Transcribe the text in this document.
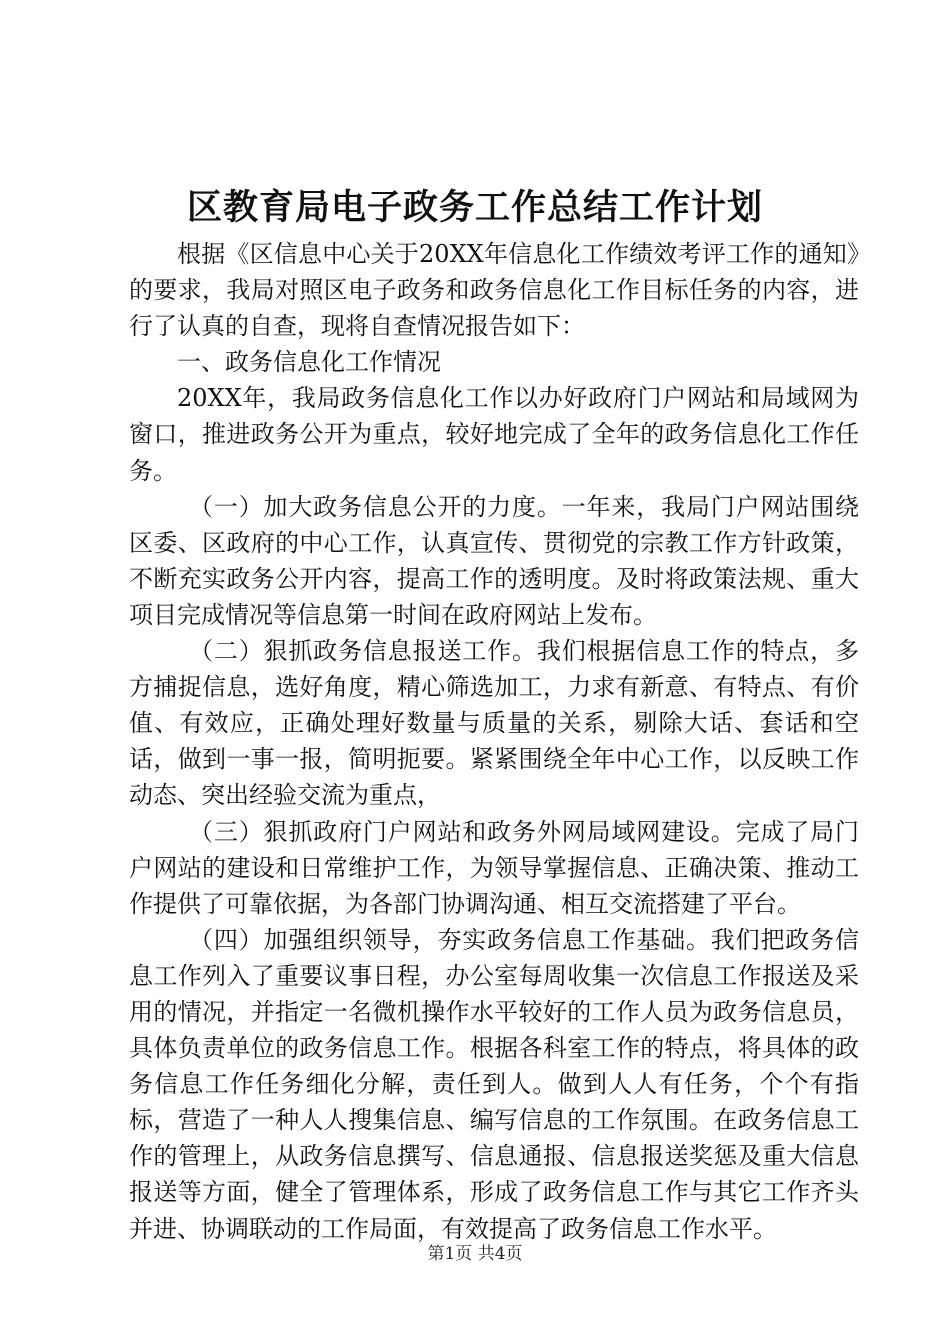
区教育局电子政务工作总结工作计划

根据《区信息中心关于20XX年信息化工作绩效考评工作的通知》的要求，我局对照区电子政务和政务信息化工作目标任务的内容，进行了认真的自查，现将自查情况报告如下：

一、政务信息化工作情况

20XX年，我局政务信息化工作以办好政府门户网站和局域网为窗口，推进政务公开为重点，较好地完成了全年的政务信息化工作任务。

（一）加大政务信息公开的力度。一年来，我局门户网站围绕区委、区政府的中心工作，认真宣传、贯彻党的宗教工作方针政策，不断充实政务公开内容，提高工作的透明度。及时将政策法规、重大项目完成情况等信息第一时间在政府网站上发布。

（二）狠抓政务信息报送工作。我们根据信息工作的特点，多方捕捉信息，选好角度，精心筛选加工，力求有新意、有特点、有价值、有效应，正确处理好数量与质量的关系，剔除大话、套话和空话，做到一事一报，简明扼要。紧紧围绕全年中心工作，以反映工作动态、突出经验交流为重点，

（三）狠抓政府门户网站和政务外网局域网建设。完成了局门户网站的建设和日常维护工作，为领导掌握信息、正确决策、推动工作提供了可靠依据，为各部门协调沟通、相互交流搭建了平台。

（四）加强组织领导，夯实政务信息工作基础。我们把政务信息工作列入了重要议事日程，办公室每周收集一次信息工作报送及采用的情况，并指定一名微机操作水平较好的工作人员为政务信息员，具体负责单位的政务信息工作。根据各科室工作的特点，将具体的政务信息工作任务细化分解，责任到人。做到人人有任务，个个有指标，营造了一种人人搜集信息、编写信息的工作氛围。在政务信息工作的管理上，从政务信息撰写、信息通报、信息报送奖惩及重大信息报送等方面，健全了管理体系，形成了政务信息工作与其它工作齐头并进、协调联动的工作局面，有效提高了政务信息工作水平。

第1页 共4页
